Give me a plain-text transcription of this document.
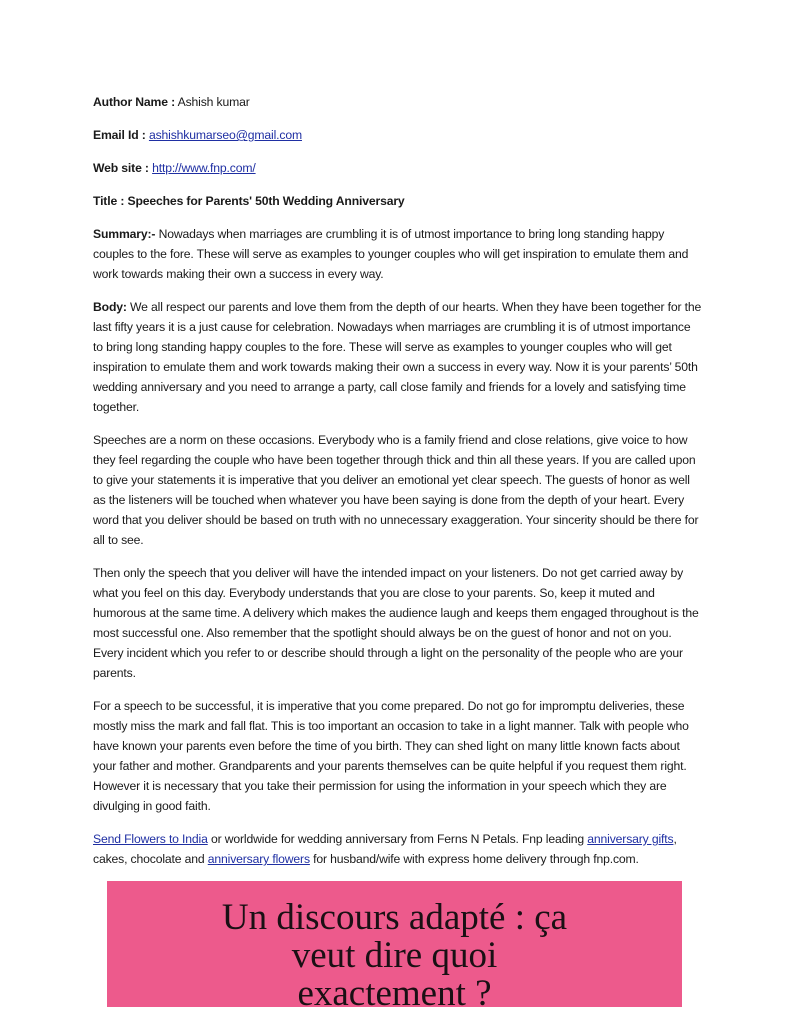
Author Name : Ashish kumar

Email Id : ashishkumarseo@gmail.com

Web site : http://www.fnp.com/

Title : Speeches for Parents' 50th Wedding Anniversary

Summary:- Nowadays when marriages are crumbling it is of utmost importance to bring long standing happy couples to the fore. These will serve as examples to younger couples who will get inspiration to emulate them and work towards making their own a success in every way.

Body: We all respect our parents and love them from the depth of our hearts. When they have been together for the last fifty years it is a just cause for celebration. Nowadays when marriages are crumbling it is of utmost importance to bring long standing happy couples to the fore. These will serve as examples to younger couples who will get inspiration to emulate them and work towards making their own a success in every way. Now it is your parents’ 50th wedding anniversary and you need to arrange a party, call close family and friends for a lovely and satisfying time together.

Speeches are a norm on these occasions. Everybody who is a family friend and close relations, give voice to how they feel regarding the couple who have been together through thick and thin all these years. If you are called upon to give your statements it is imperative that you deliver an emotional yet clear speech. The guests of honor as well as the listeners will be touched when whatever you have been saying is done from the depth of your heart. Every word that you deliver should be based on truth with no unnecessary exaggeration. Your sincerity should be there for all to see.

Then only the speech that you deliver will have the intended impact on your listeners. Do not get carried away by what you feel on this day. Everybody understands that you are close to your parents. So, keep it muted and humorous at the same time. A delivery which makes the audience laugh and keeps them engaged throughout is the most successful one. Also remember that the spotlight should always be on the guest of honor and not on you. Every incident which you refer to or describe should through a light on the personality of the people who are your parents.

For a speech to be successful, it is imperative that you come prepared. Do not go for impromptu deliveries, these mostly miss the mark and fall flat. This is too important an occasion to take in a light manner. Talk with people who have known your parents even before the time of you birth. They can shed light on many little known facts about your father and mother. Grandparents and your parents themselves can be quite helpful if you request them right. However it is necessary that you take their permission for using the information in your speech which they are divulging in good faith.

Send Flowers to India or worldwide for wedding anniversary from Ferns N Petals. Fnp leading anniversary gifts, cakes, chocolate and anniversary flowers for husband/wife with express home delivery through fnp.com.

Un discours adapté : ça
veut dire quoi
exactement ?
